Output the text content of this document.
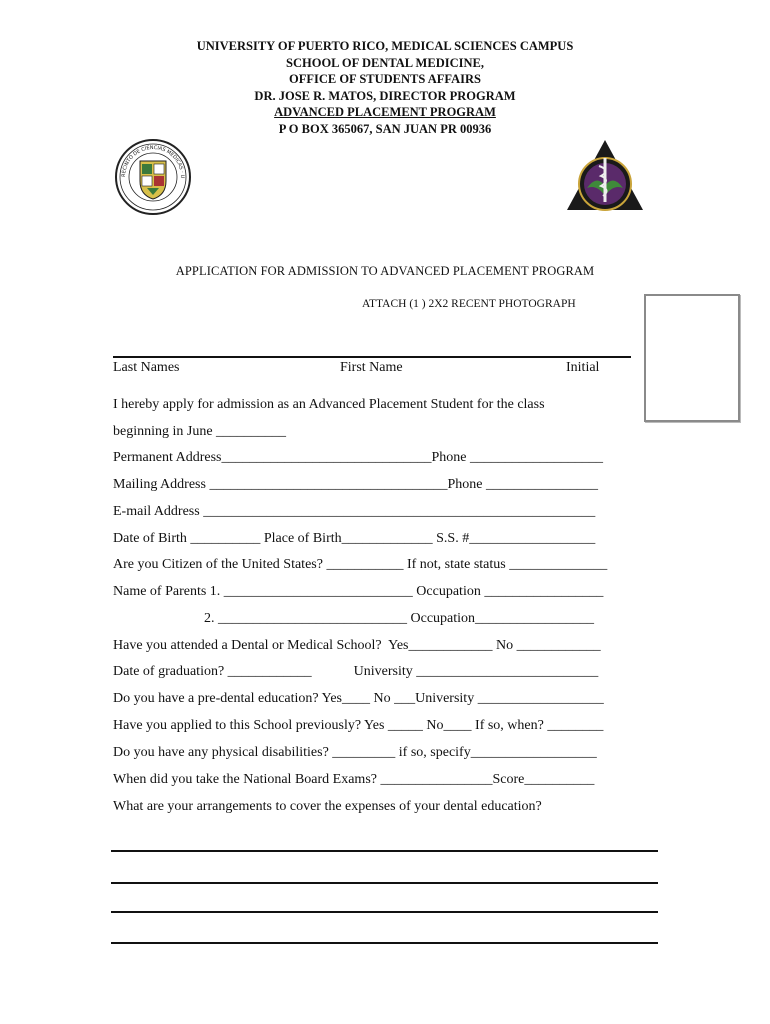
UNIVERSITY OF PUERTO RICO, MEDICAL SCIENCES CAMPUS
SCHOOL OF DENTAL MEDICINE,
OFFICE OF STUDENTS AFFAIRS
DR. JOSE R. MATOS, DIRECTOR PROGRAM
ADVANCED PLACEMENT PROGRAM
P O BOX 365067, SAN JUAN PR 00936
RECINTO DE CIENCIAS MEDICAS · U
APPLICATION FOR ADMISSION TO ADVANCED PLACEMENT PROGRAM
ATTACH (1 ) 2X2 RECENT PHOTOGRAPH
Last Names	First Name	Initial
I hereby apply for admission as an Advanced Placement Student for the class
beginning in June __________
Permanent Address______________________________Phone ___________________
Mailing Address __________________________________Phone ________________
E-mail Address ________________________________________________________
Date of Birth __________ Place of Birth_____________ S.S. #__________________
Are you Citizen of the United States? ___________ If not, state status ______________
Name of Parents 1. ___________________________ Occupation _________________
2. ___________________________ Occupation_________________
Have you attended a Dental or Medical School?  Yes____________ No ____________
Date of graduation? ____________            University __________________________
Do you have a pre-dental education? Yes____ No ___University __________________
Have you applied to this School previously? Yes _____ No____ If so, when? ________
Do you have any physical disabilities? _________ if so, specify__________________
When did you take the National Board Exams? ________________Score__________
What are your arrangements to cover the expenses of your dental education?
